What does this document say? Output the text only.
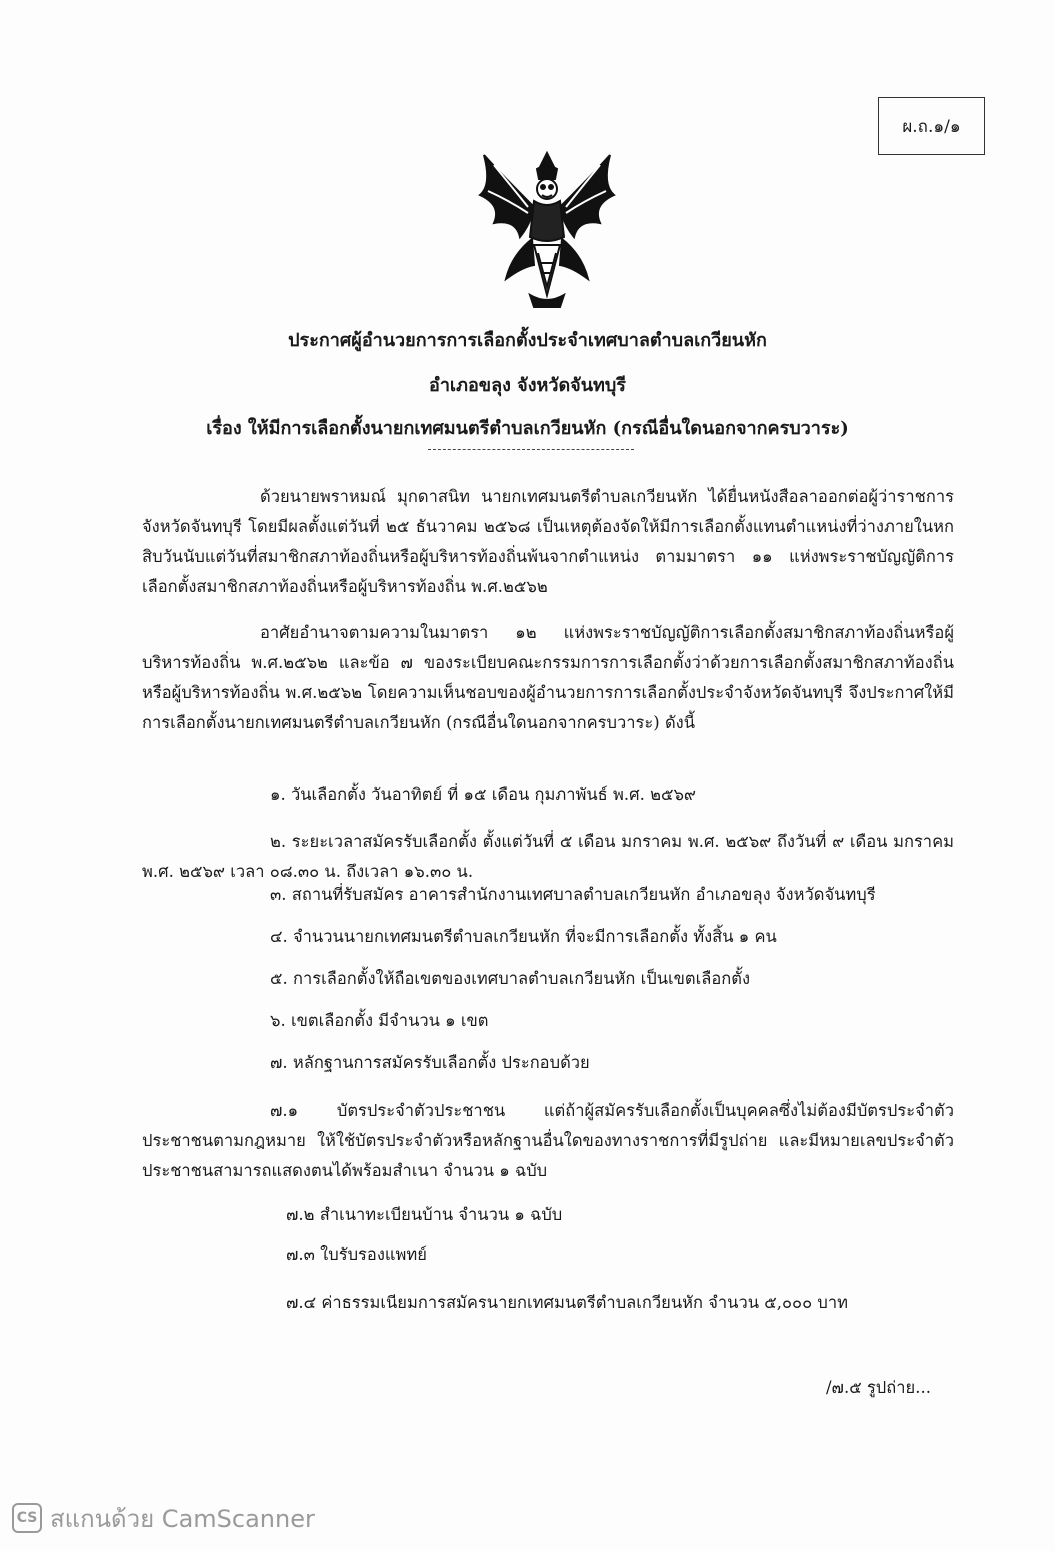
ผ.ถ.๑/๑
ประกาศผู้อำนวยการการเลือกตั้งประจำเทศบาลตำบลเกวียนหัก
อำเภอขลุง จังหวัดจันทบุรี
เรื่อง ให้มีการเลือกตั้งนายกเทศมนตรีตำบลเกวียนหัก (กรณีอื่นใดนอกจากครบวาระ)
ด้วยนายพราหมณ์ มุกดาสนิท นายกเทศมนตรีตำบลเกวียนหัก ได้ยื่นหนังสือลาออกต่อผู้ว่าราชการจังหวัดจันทบุรี โดยมีผลตั้งแต่วันที่ ๒๕ ธันวาคม ๒๕๖๘ เป็นเหตุต้องจัดให้มีการเลือกตั้งแทนตำแหน่งที่ว่างภายในหกสิบวันนับแต่วันที่สมาชิกสภาท้องถิ่นหรือผู้บริหารท้องถิ่นพ้นจากตำแหน่ง ตามมาตรา ๑๑ แห่งพระราชบัญญัติการเลือกตั้งสมาชิกสภาท้องถิ่นหรือผู้บริหารท้องถิ่น พ.ศ.๒๕๖๒
อาศัยอำนาจตามความในมาตรา ๑๒ แห่งพระราชบัญญัติการเลือกตั้งสมาชิกสภาท้องถิ่นหรือผู้บริหารท้องถิ่น พ.ศ.๒๕๖๒ และข้อ ๗ ของระเบียบคณะกรรมการการเลือกตั้งว่าด้วยการเลือกตั้งสมาชิกสภาท้องถิ่นหรือผู้บริหารท้องถิ่น พ.ศ.๒๕๖๒ โดยความเห็นชอบของผู้อำนวยการการเลือกตั้งประจำจังหวัดจันทบุรี จึงประกาศให้มีการเลือกตั้งนายกเทศมนตรีตำบลเกวียนหัก (กรณีอื่นใดนอกจากครบวาระ) ดังนี้
๑. วันเลือกตั้ง วันอาทิตย์ ที่ ๑๕ เดือน กุมภาพันธ์ พ.ศ. ๒๕๖๙
๒. ระยะเวลาสมัครรับเลือกตั้ง ตั้งแต่วันที่ ๕ เดือน มกราคม พ.ศ. ๒๕๖๙ ถึงวันที่ ๙ เดือน มกราคม พ.ศ. ๒๕๖๙ เวลา ๐๘.๓๐ น. ถึงเวลา ๑๖.๓๐ น.
๓. สถานที่รับสมัคร อาคารสำนักงานเทศบาลตำบลเกวียนหัก อำเภอขลุง จังหวัดจันทบุรี
๔. จำนวนนายกเทศมนตรีตำบลเกวียนหัก ที่จะมีการเลือกตั้ง ทั้งสิ้น ๑ คน
๕. การเลือกตั้งให้ถือเขตของเทศบาลตำบลเกวียนหัก เป็นเขตเลือกตั้ง
๖. เขตเลือกตั้ง มีจำนวน ๑ เขต
๗. หลักฐานการสมัครรับเลือกตั้ง ประกอบด้วย
๗.๑ บัตรประจำตัวประชาชน แต่ถ้าผู้สมัครรับเลือกตั้งเป็นบุคคลซึ่งไม่ต้องมีบัตรประจำตัวประชาชนตามกฎหมาย ให้ใช้บัตรประจำตัวหรือหลักฐานอื่นใดของทางราชการที่มีรูปถ่าย และมีหมายเลขประจำตัวประชาชนสามารถแสดงตนได้พร้อมสำเนา จำนวน ๑ ฉบับ
๗.๒ สำเนาทะเบียนบ้าน จำนวน ๑ ฉบับ
๗.๓ ใบรับรองแพทย์
๗.๔ ค่าธรรมเนียมการสมัครนายกเทศมนตรีตำบลเกวียนหัก จำนวน ๕,๐๐๐ บาท
/๗.๕ รูปถ่าย...
CS สแกนด้วย CamScanner
